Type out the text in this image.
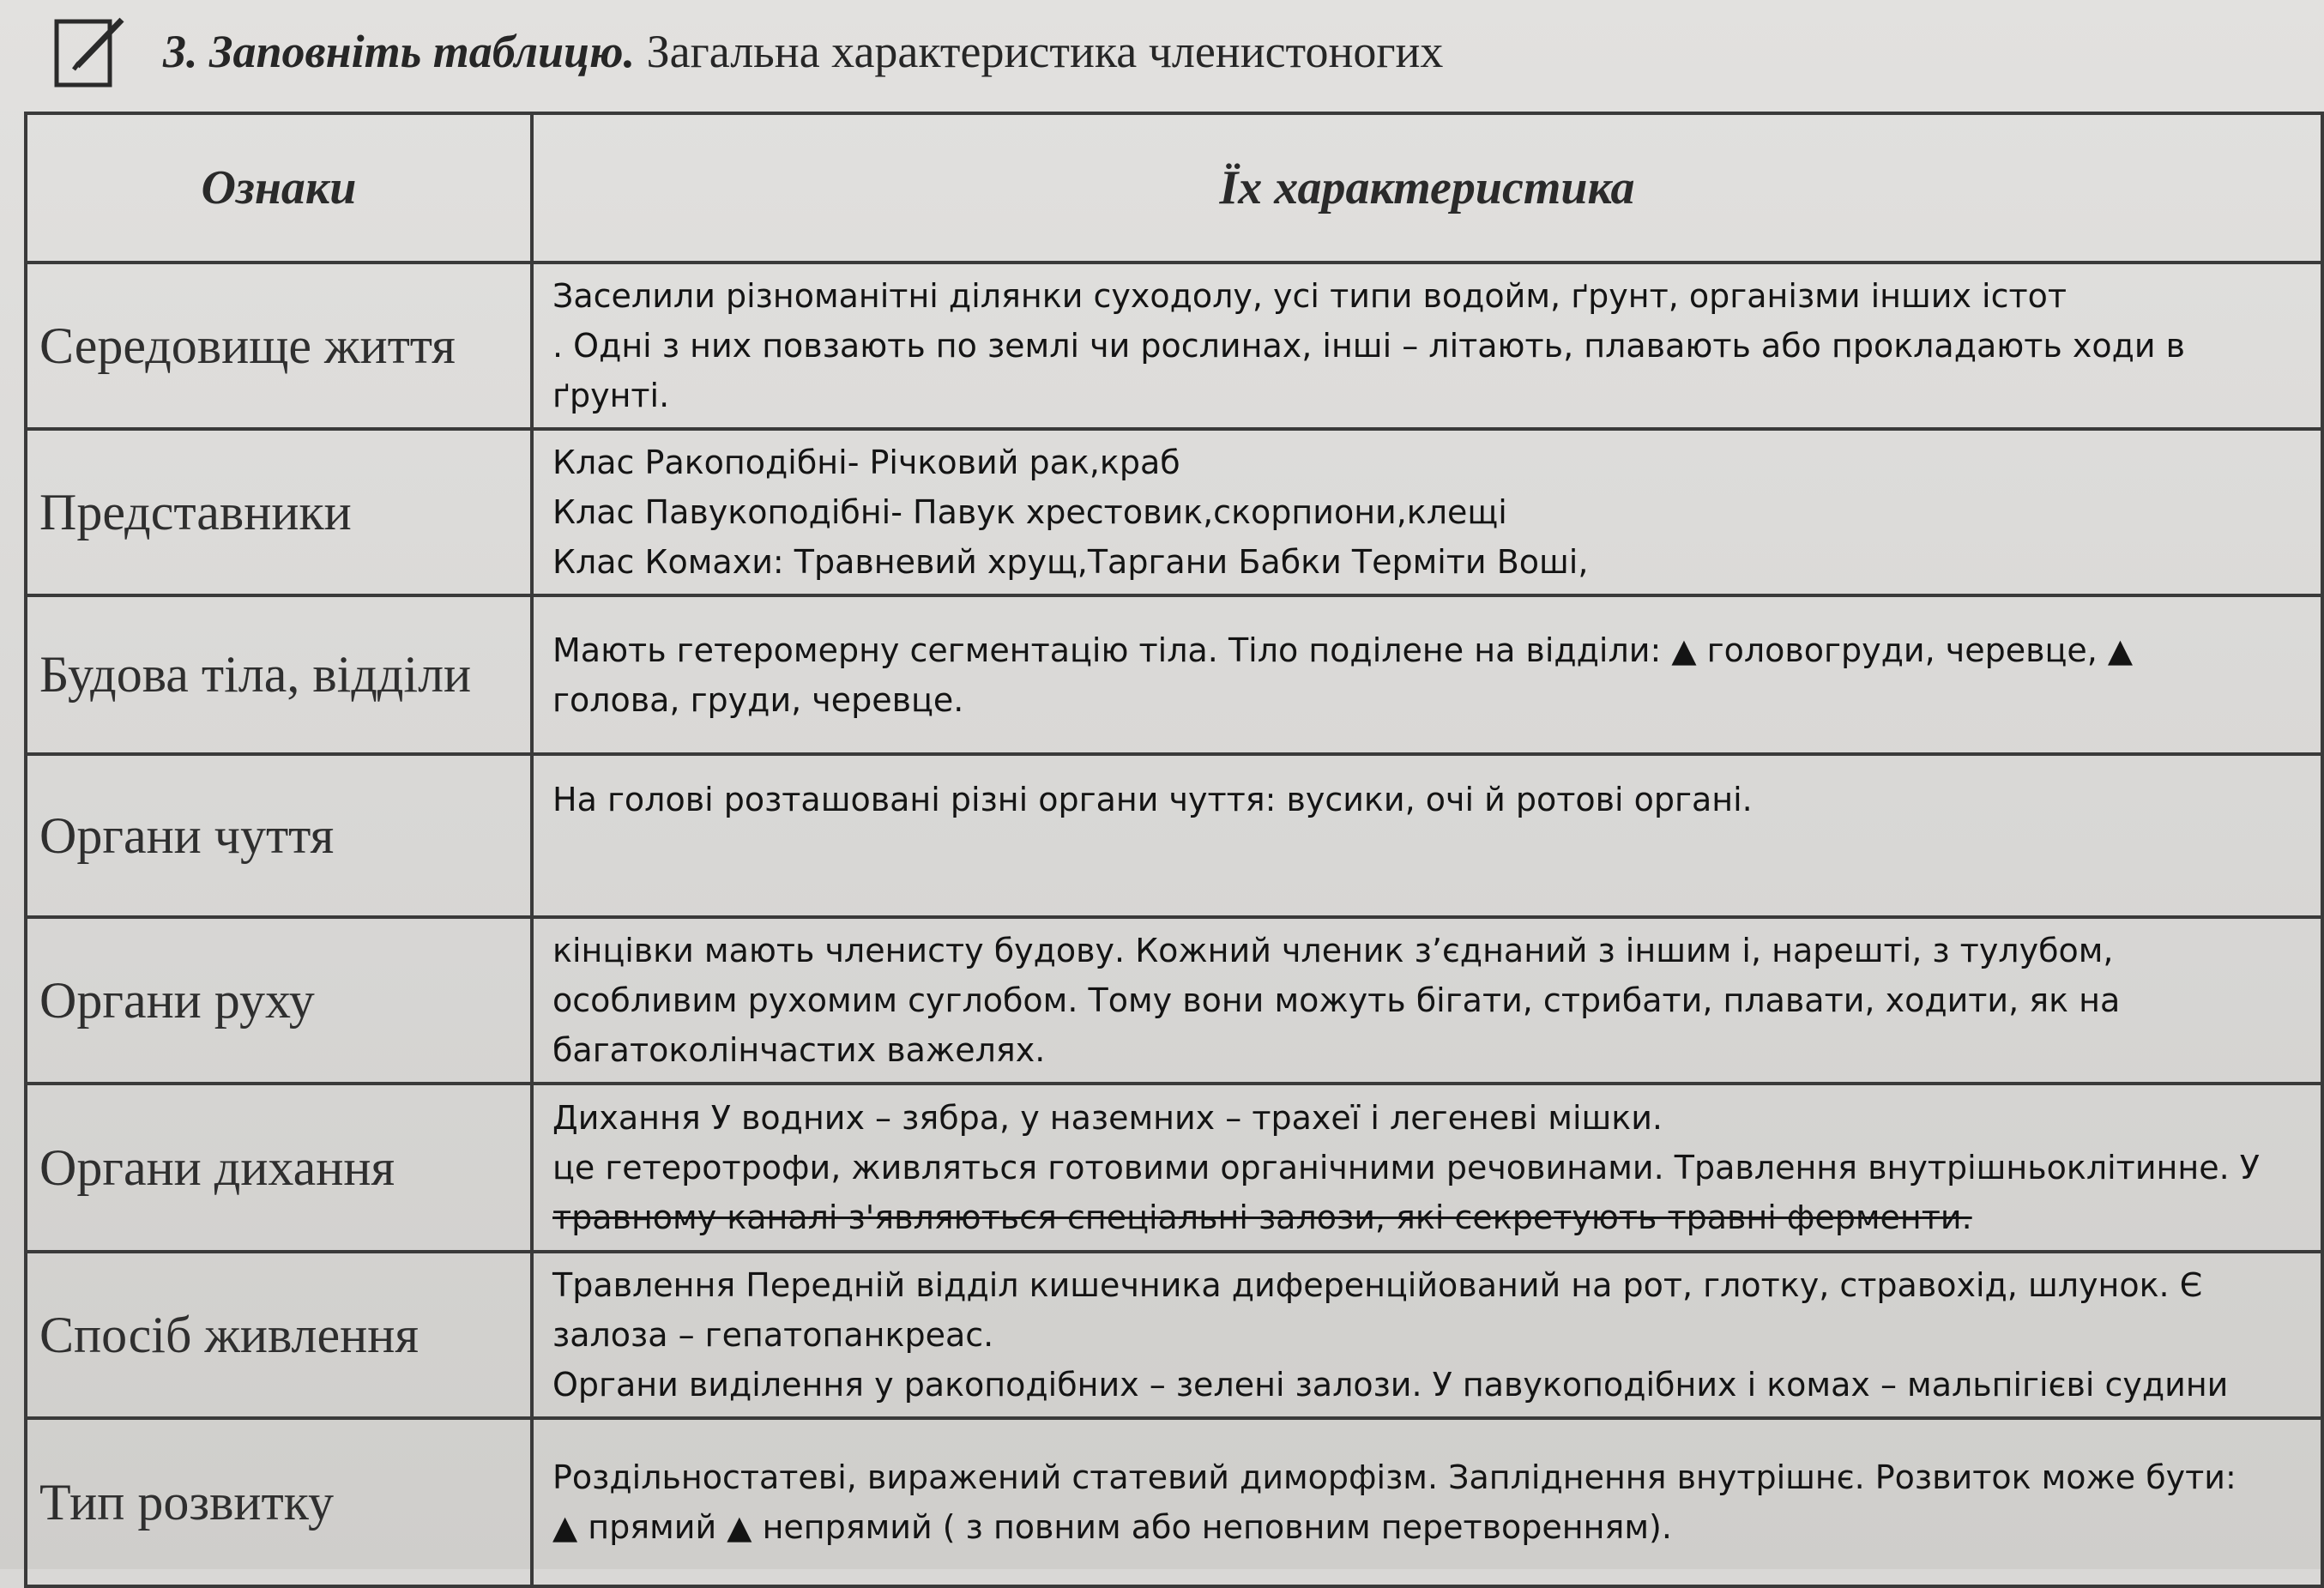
3. Заповніть таблицю. Загальна характеристика членистоногих
Ознаки	Їх характеристика
Середовище життя	Заселили різноманітні ділянки суходолу, усі типи водойм, ґрунт, організми інших істот

. Одні з них повзають по землі чи рослинах, інші – літають, плавають або прокладають ходи в

ґрунті.

Представники	Клас Ракоподібні- Річковий рак,краб

Клас Павукоподібні- Павук хрестовик,скорпиони,клещі

Клас Комахи: Травневий хрущ,Таргани Бабки Терміти Воші,

Будова тіла, відділи	Мають гетеромерну сегментацію тіла. Тіло поділене на відділи: ▲ головогруди, черевце, ▲

голова, груди, черевце.

Органи чуття	На голові розташовані різні органи чуття: вусики, очі й ротові органі.

Органи руху	кінцівки мають членисту будову. Кожний членик з’єднаний з іншим і, нарешті, з тулубом,

особливим рухомим суглобом. Тому вони можуть бігати, стрибати, плавати, ходити, як на

багатоколінчастих важелях.

Органи дихання	Дихання У водних – зябра, у наземних – трахеї і легеневі мішки.

це гетеротрофи, живляться готовими органічними речовинами. Травлення внутрішньоклітинне. У

травному каналі з'являються спеціальні залози, які секретують травні ферменти.

Спосіб живлення	Травлення Передній відділ кишечника диференційований на рот, глотку, стравохід, шлунок. Є

залоза – гепатопанкреас.

Органи виділення у ракоподібних – зелені залози. У павукоподібних і комах – мальпігієві судини

Тип розвитку	Роздільностатеві, виражений статевий диморфізм. Запліднення внутрішнє. Розвиток може бути:

▲ прямий ▲ непрямий ( з повним або неповним перетворенням).
